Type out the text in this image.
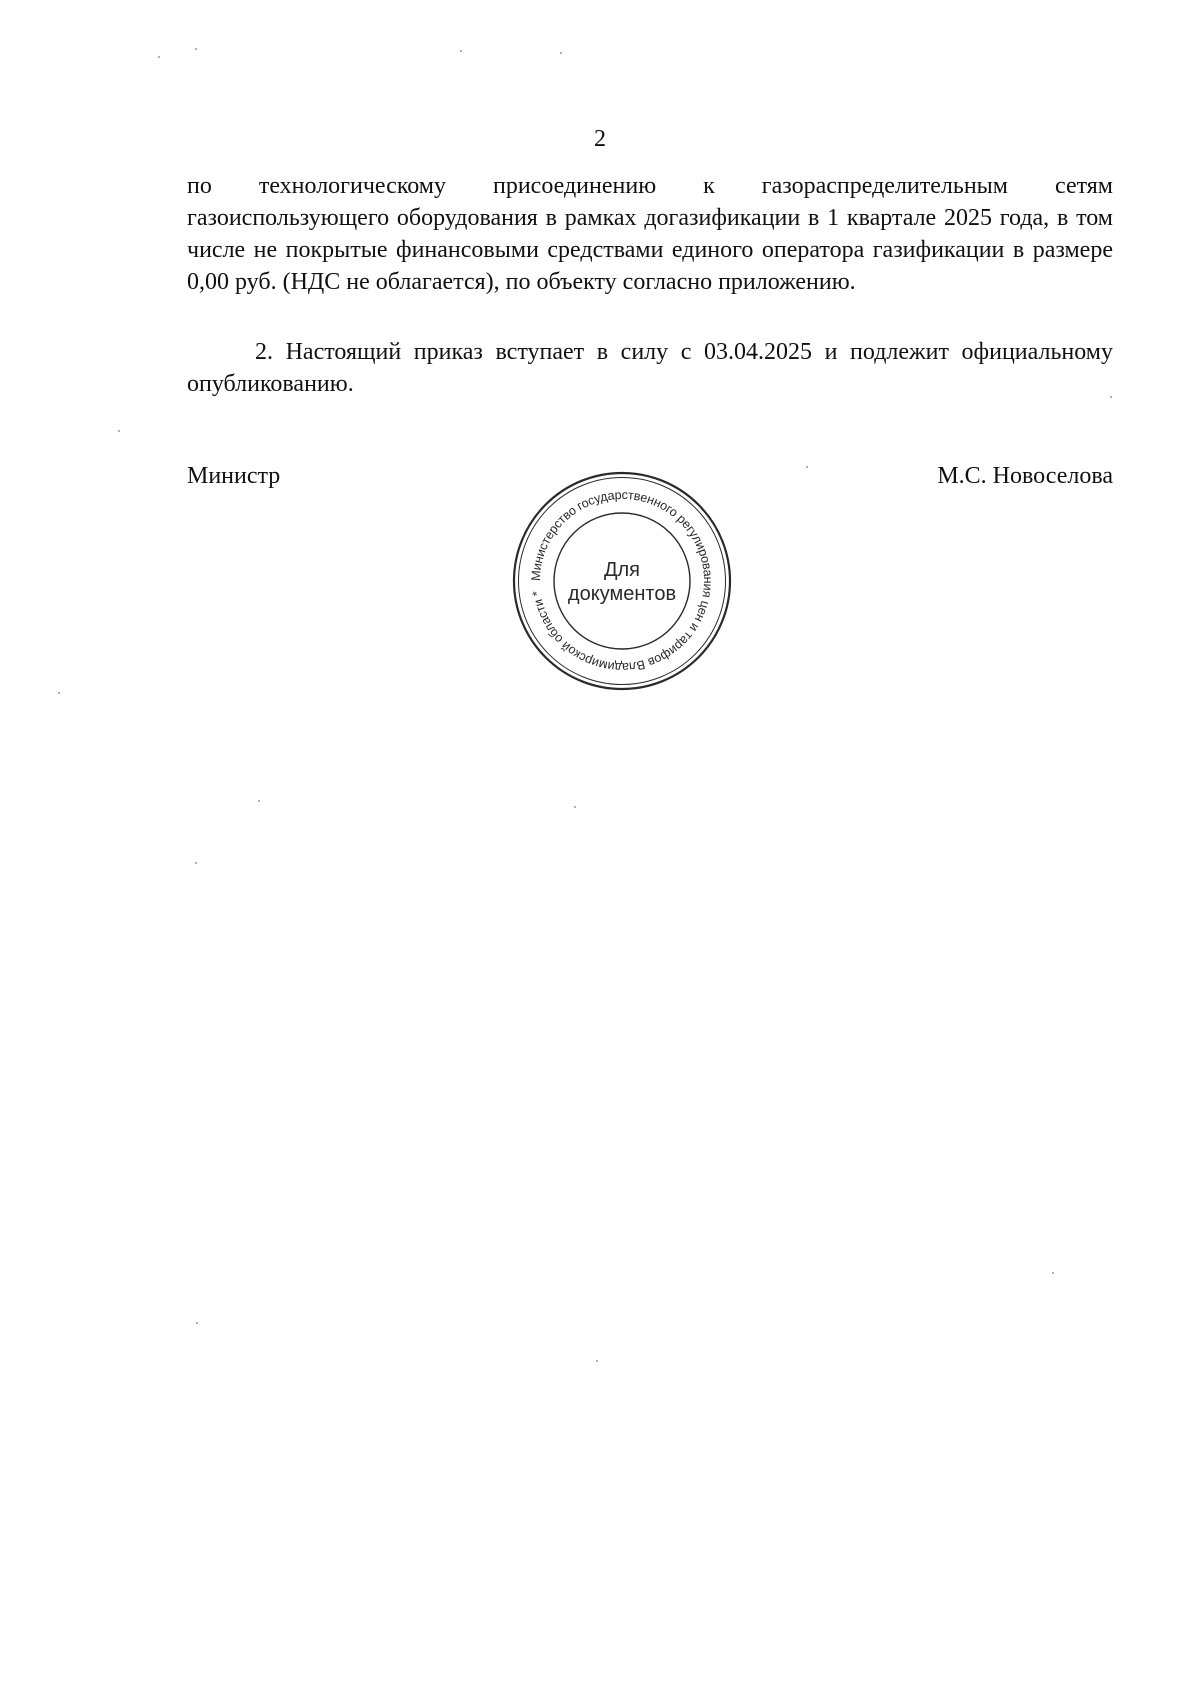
2
по технологическому присоединению к газораспределительным сетям газоиспользующего оборудования в рамках догазификации в 1 квартале 2025 года, в том числе не покрытые финансовыми средствами единого оператора газификации в размере 0,00 руб. (НДС не облагается), по объекту согласно приложению.
2. Настоящий приказ вступает в силу с 03.04.2025 и подлежит официальному опубликованию.
Министр	М.С. Новоселова
Министерство государственного регулирования цен и тарифов Владимирской области *
Для
документов
